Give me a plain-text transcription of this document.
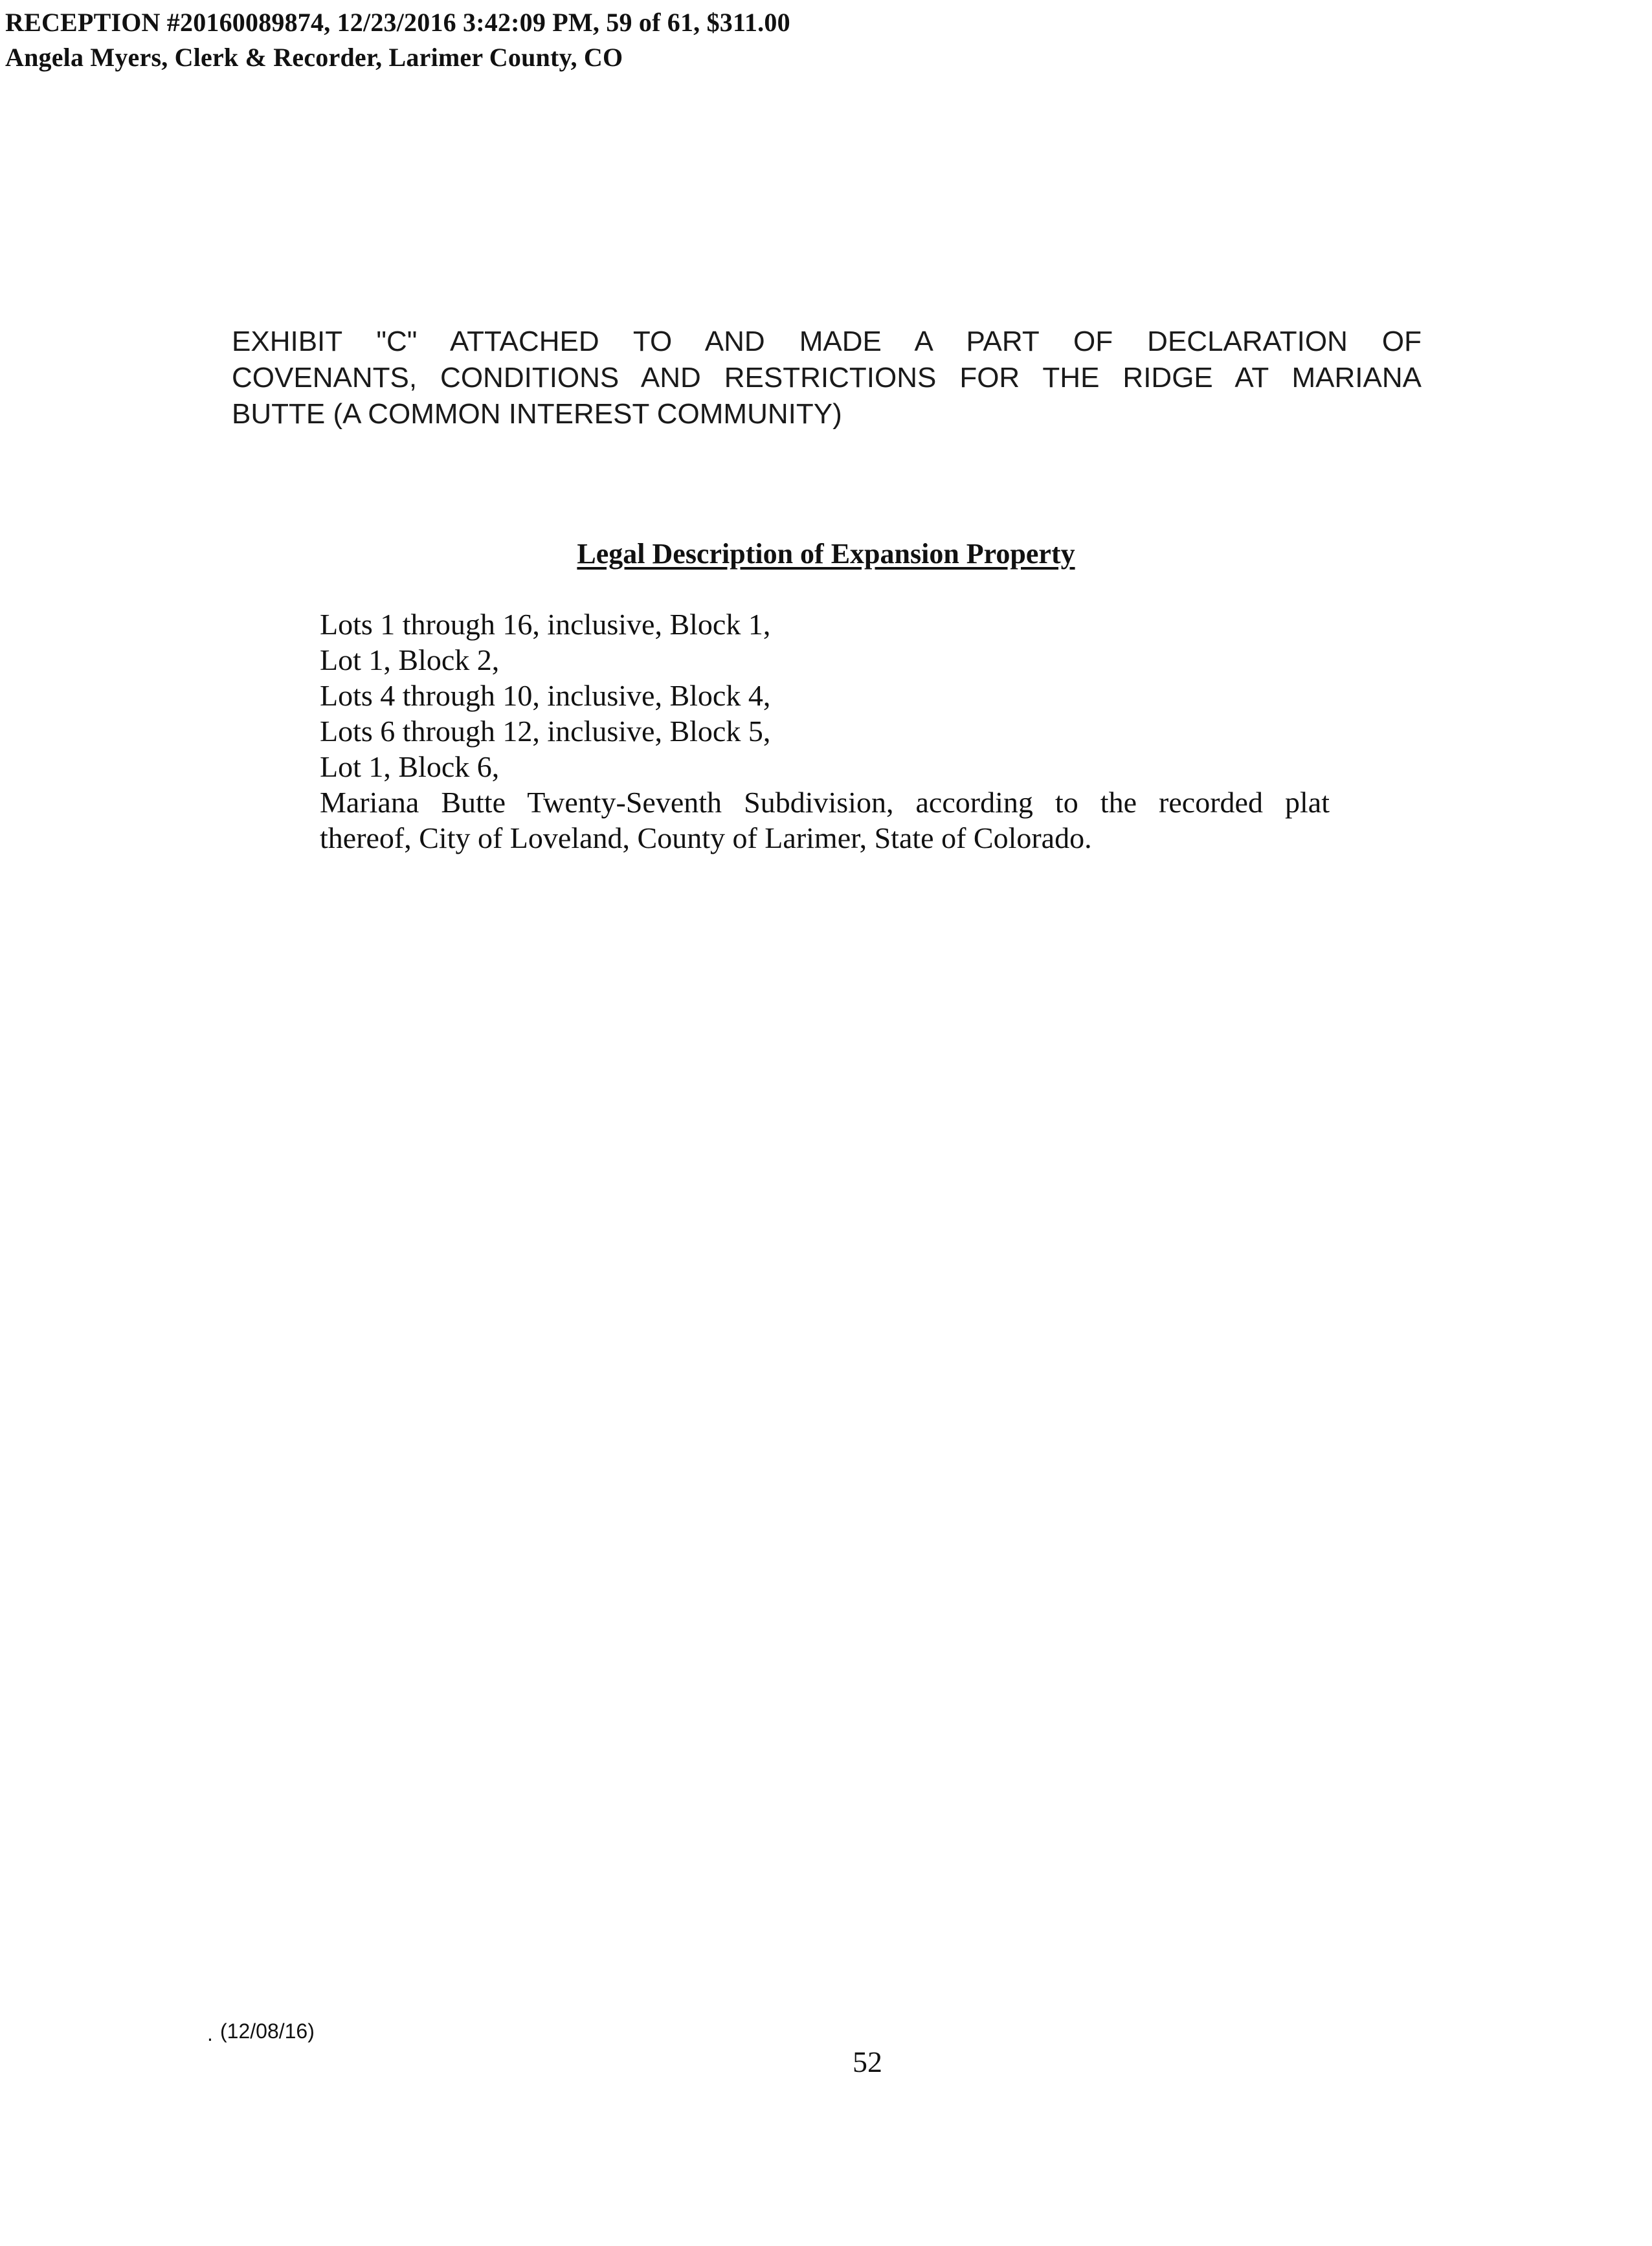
RECEPTION #20160089874, 12/23/2016 3:42:09 PM, 59 of 61, $311.00
Angela Myers, Clerk & Recorder, Larimer County, CO
EXHIBIT "C" ATTACHED TO AND MADE A PART OF DECLARATION OF
COVENANTS, CONDITIONS AND RESTRICTIONS FOR THE RIDGE AT MARIANA
BUTTE (A COMMON INTEREST COMMUNITY)
Legal Description of Expansion Property
Lots 1 through 16, inclusive, Block 1,
Lot 1, Block 2,
Lots 4 through 10, inclusive, Block 4,
Lots 6 through 12, inclusive, Block 5,
Lot 1, Block 6,
Mariana Butte Twenty-Seventh Subdivision, according to the recorded plat
thereof, City of Loveland, County of Larimer, State of Colorado.
. (12/08/16)
52
